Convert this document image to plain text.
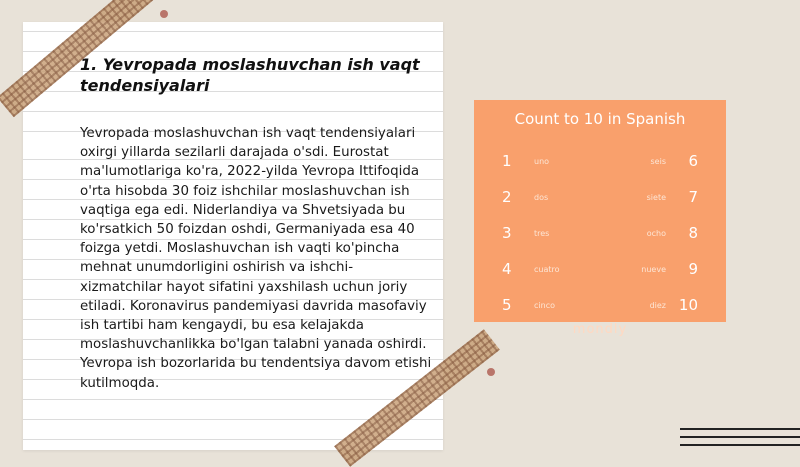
1. Yevropada moslashuvchan ish vaqt tendensiyalari

Yevropada moslashuvchan ish vaqt tendensiyalari oxirgi yillarda sezilarli darajada o'sdi. Eurostat ma'lumotlariga ko'ra, 2022-yilda Yevropa Ittifoqida o'rta hisobda 30 foiz ishchilar moslashuvchan ish vaqtiga ega edi. Niderlandiya va Shvetsiyada bu ko'rsatkich 50 foizdan oshdi, Germaniyada esa 40 foizga yetdi. Moslashuvchan ish vaqti ko'pincha mehnat unumdorligini oshirish va ishchi-xizmatchilar hayot sifatini yaxshilash uchun joriy etiladi. Koronavirus pandemiyasi davrida masofaviy ish tartibi ham kengaydi, bu esa kelajakda moslashuvchanlikka bo'lgan talabni yanada oshirdi. Yevropa ish bozorlarida bu tendentsiya davom etishi kutilmoqda.

Count to 10 in Spanish
1	uno	seis 6
2	dos	siete 7
3	tres	ocho 8
4	cuatro	nueve 9
5	cinco	diez 10
mondly
